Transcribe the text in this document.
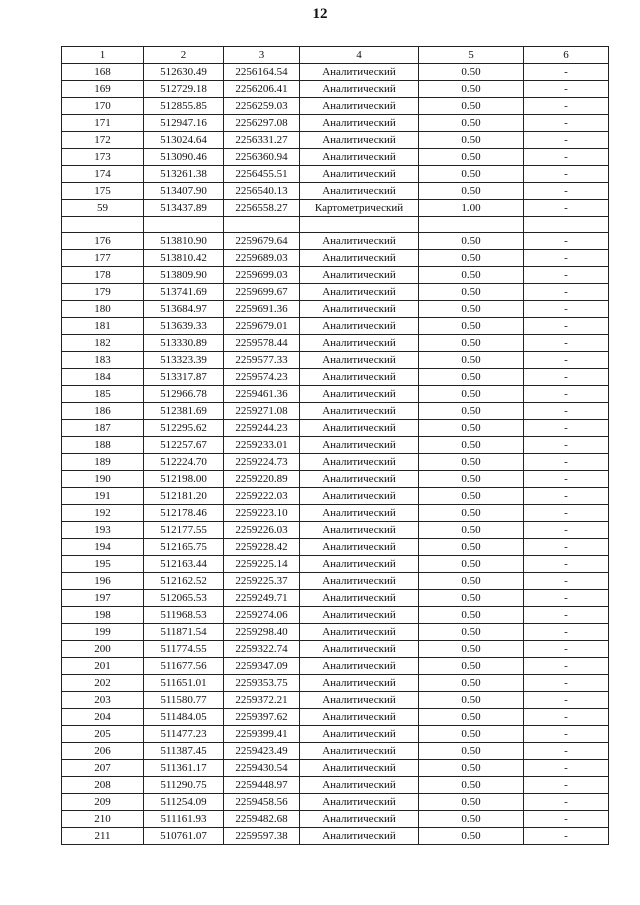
12
1	2	3	4	5	6
168	512630.49	2256164.54	Аналитический	0.50	-
169	512729.18	2256206.41	Аналитический	0.50	-
170	512855.85	2256259.03	Аналитический	0.50	-
171	512947.16	2256297.08	Аналитический	0.50	-
172	513024.64	2256331.27	Аналитический	0.50	-
173	513090.46	2256360.94	Аналитический	0.50	-
174	513261.38	2256455.51	Аналитический	0.50	-
175	513407.90	2256540.13	Аналитический	0.50	-
59	513437.89	2256558.27	Картометрический	1.00	-

176	513810.90	2259679.64	Аналитический	0.50	-
177	513810.42	2259689.03	Аналитический	0.50	-
178	513809.90	2259699.03	Аналитический	0.50	-
179	513741.69	2259699.67	Аналитический	0.50	-
180	513684.97	2259691.36	Аналитический	0.50	-
181	513639.33	2259679.01	Аналитический	0.50	-
182	513330.89	2259578.44	Аналитический	0.50	-
183	513323.39	2259577.33	Аналитический	0.50	-
184	513317.87	2259574.23	Аналитический	0.50	-
185	512966.78	2259461.36	Аналитический	0.50	-
186	512381.69	2259271.08	Аналитический	0.50	-
187	512295.62	2259244.23	Аналитический	0.50	-
188	512257.67	2259233.01	Аналитический	0.50	-
189	512224.70	2259224.73	Аналитический	0.50	-
190	512198.00	2259220.89	Аналитический	0.50	-
191	512181.20	2259222.03	Аналитический	0.50	-
192	512178.46	2259223.10	Аналитический	0.50	-
193	512177.55	2259226.03	Аналитический	0.50	-
194	512165.75	2259228.42	Аналитический	0.50	-
195	512163.44	2259225.14	Аналитический	0.50	-
196	512162.52	2259225.37	Аналитический	0.50	-
197	512065.53	2259249.71	Аналитический	0.50	-
198	511968.53	2259274.06	Аналитический	0.50	-
199	511871.54	2259298.40	Аналитический	0.50	-
200	511774.55	2259322.74	Аналитический	0.50	-
201	511677.56	2259347.09	Аналитический	0.50	-
202	511651.01	2259353.75	Аналитический	0.50	-
203	511580.77	2259372.21	Аналитический	0.50	-
204	511484.05	2259397.62	Аналитический	0.50	-
205	511477.23	2259399.41	Аналитический	0.50	-
206	511387.45	2259423.49	Аналитический	0.50	-
207	511361.17	2259430.54	Аналитический	0.50	-
208	511290.75	2259448.97	Аналитический	0.50	-
209	511254.09	2259458.56	Аналитический	0.50	-
210	511161.93	2259482.68	Аналитический	0.50	-
211	510761.07	2259597.38	Аналитический	0.50	-
